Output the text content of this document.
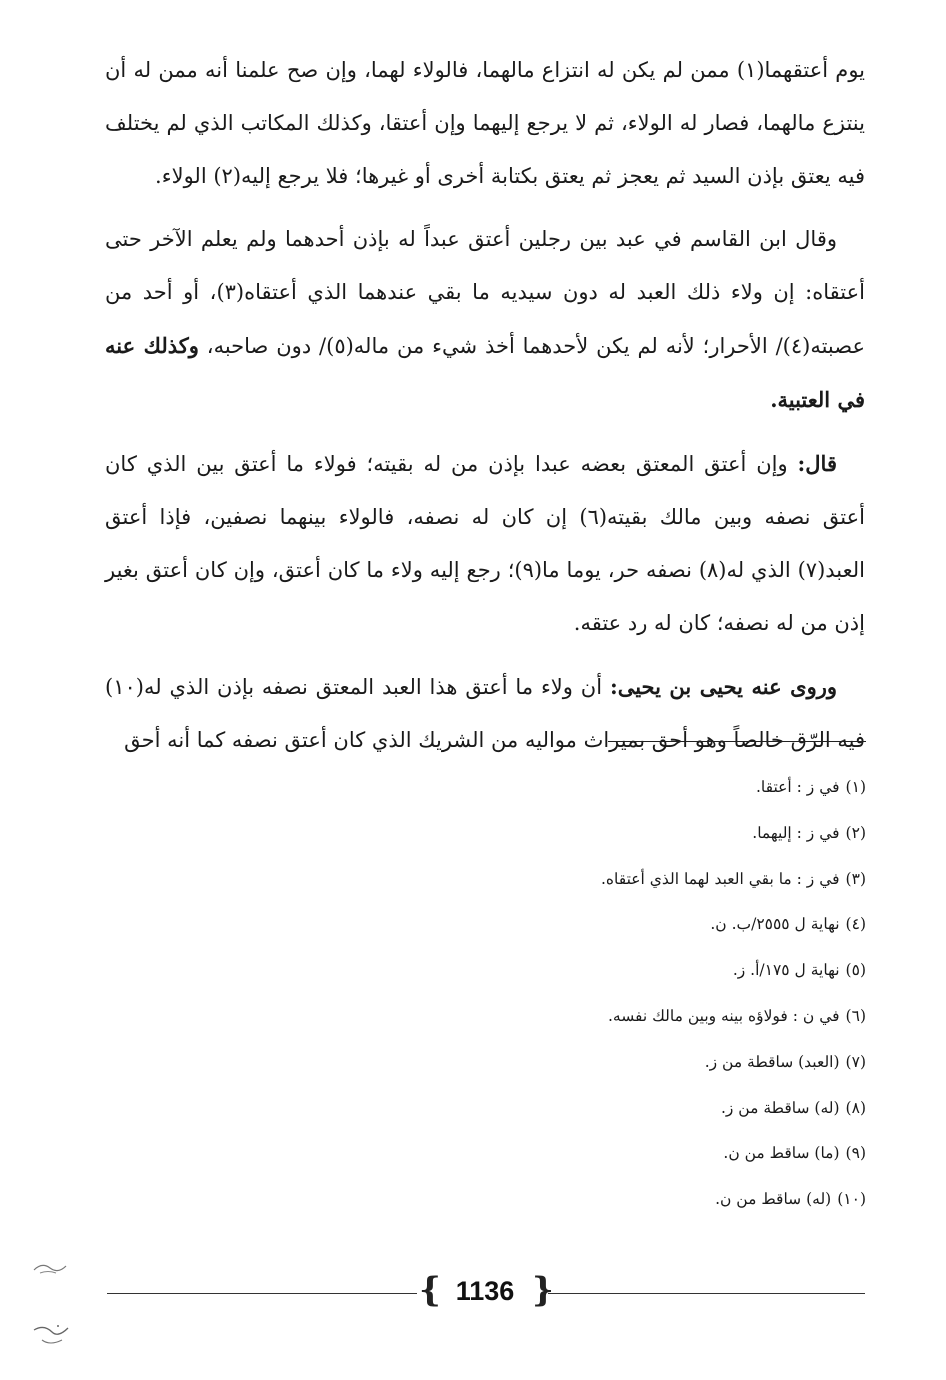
يوم أعتقهما(١) ممن لم يكن له انتزاع مالهما، فالولاء لهما، وإن صح علمنا أنه ممن له أن ينتزع مالهما، فصار له الولاء، ثم لا يرجع إليهما وإن أعتقا، وكذلك المكاتب الذي لم يختلف فيه يعتق بإذن السيد ثم يعجز ثم يعتق بكتابة أخرى أو غيرها؛ فلا يرجع إليه(٢) الولاء.

وقال ابن القاسم في عبد بين رجلين أعتق عبداً له بإذن أحدهما ولم يعلم الآخر حتى أعتقاه: إن ولاء ذلك العبد له دون سيديه ما بقي عندهما الذي أعتقاه(٣)، أو أحد من عصبته(٤)/ الأحرار؛ لأنه لم يكن لأحدهما أخذ شيء من ماله(٥)/ دون صاحبه، وكذلك عنه في العتبية.

قال: وإن أعتق المعتق بعضه عبدا بإذن من له بقيته؛ فولاء ما أعتق بين الذي كان أعتق نصفه وبين مالك بقيته(٦) إن كان له نصفه، فالولاء بينهما نصفين، فإذا أعتق العبد(٧) الذي له(٨) نصفه حر، يوما ما(٩)؛ رجع إليه ولاء ما كان أعتق، وإن كان أعتق بغير إذن من له نصفه؛ كان له رد عتقه.

وروى عنه يحيى بن يحيى: أن ولاء ما أعتق هذا العبد المعتق نصفه بإذن الذي له(١٠) فيه الرّق خالصاً وهو أحق بميراث مواليه من الشريك الذي كان أعتق نصفه كما أنه أحق

(١)في ز : أعتقا.
(٢)في ز : إليهما.
(٣)في ز : ما بقي العبد لهما الذي أعتقاه.
(٤)نهاية ل ٢٥٥٥/ب. ن.
(٥)نهاية ل ١٧٥/أ. ز.
(٦)في ن : فولاؤه بينه وبين مالك نفسه.
(٧)(العبد) ساقطة من ز.
(٨)(له) ساقطة من ز.
(٩)(ما) ساقط من ن.
(١٠)(له) ساقط من ن.
{ 1136 }
